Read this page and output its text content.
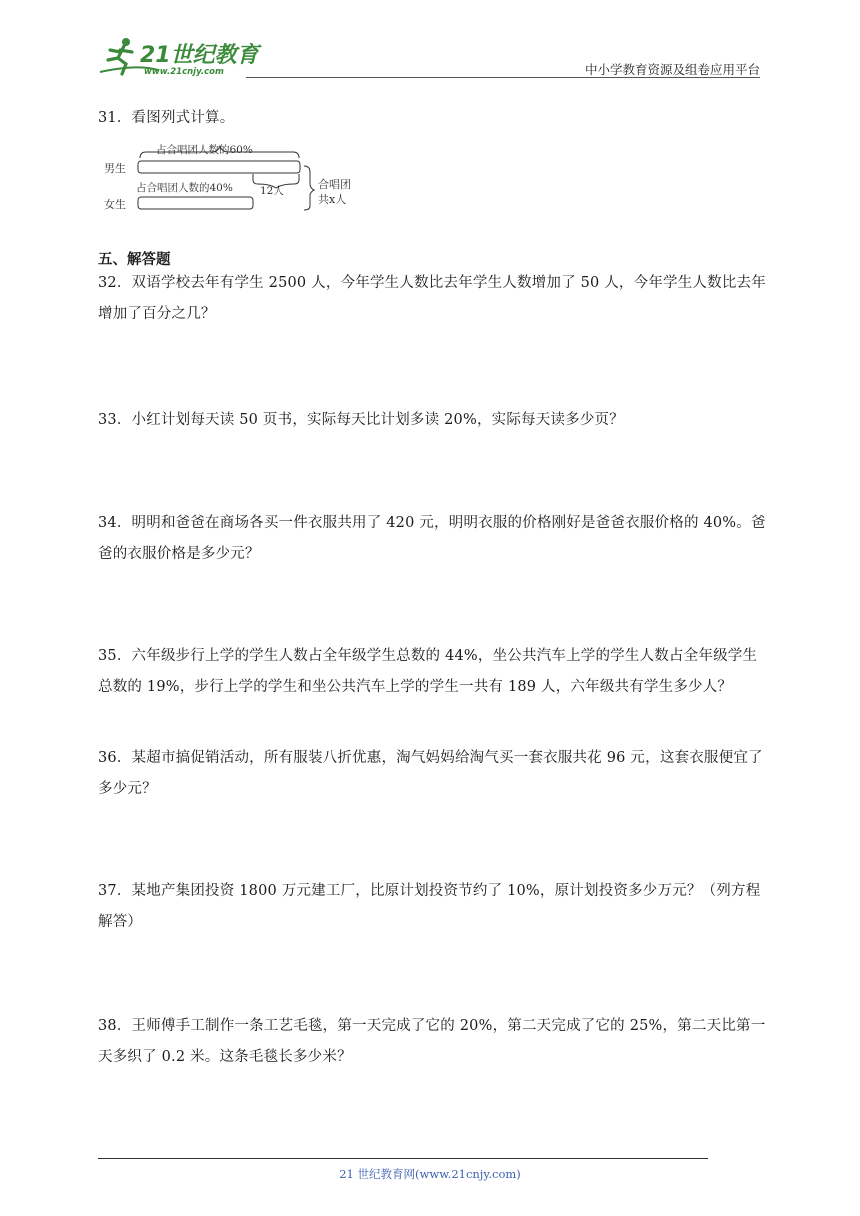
21世纪教育
www.21cnjy.com	中小学教育资源及组卷应用平台
31．看图列式计算。
占合唱团人数的60%
男生
占合唱团人数的40%	12人
女生
合唱团
共x人
五、解答题
32．双语学校去年有学生 2500 人，今年学生人数比去年学生人数增加了 50 人，今年学生人数比去年增加了百分之几？
33．小红计划每天读 50 页书，实际每天比计划多读 20%，实际每天读多少页？
34．明明和爸爸在商场各买一件衣服共用了 420 元，明明衣服的价格刚好是爸爸衣服价格的 40%。爸爸的衣服价格是多少元？
35．六年级步行上学的学生人数占全年级学生总数的 44%，坐公共汽车上学的学生人数占全年级学生总数的 19%，步行上学的学生和坐公共汽车上学的学生一共有 189 人，六年级共有学生多少人？
36．某超市搞促销活动，所有服装八折优惠，淘气妈妈给淘气买一套衣服共花 96 元，这套衣服便宜了多少元？
37．某地产集团投资 1800 万元建工厂，比原计划投资节约了 10%，原计划投资多少万元？（列方程解答）
38．王师傅手工制作一条工艺毛毯，第一天完成了它的 20%，第二天完成了它的 25%，第二天比第一天多织了 0.2 米。这条毛毯长多少米？
21 世纪教育网(www.21cnjy.com)
